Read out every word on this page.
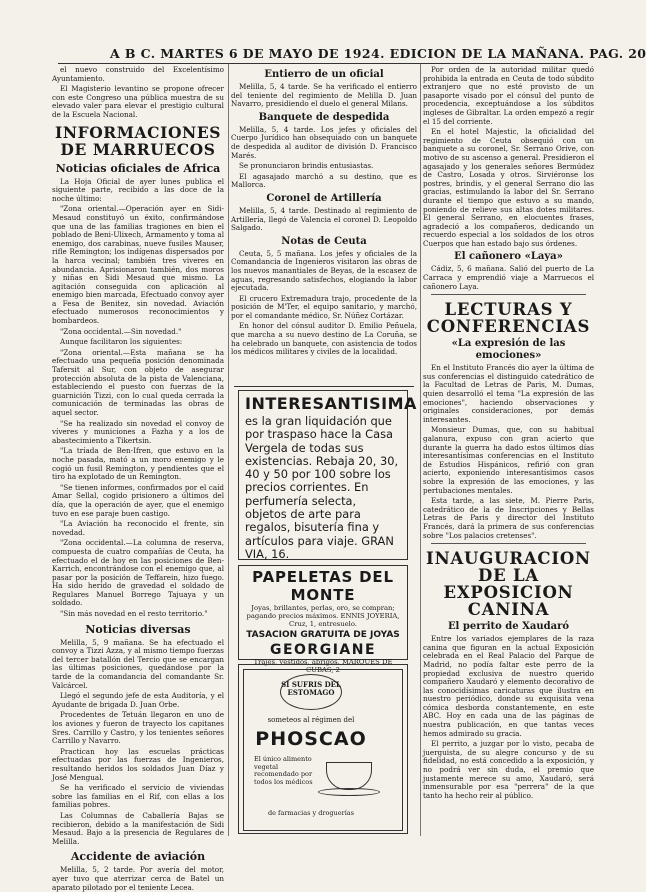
A B C. MARTES 6 DE MAYO DE 1924. EDICION DE LA MAÑANA. PAG. 20

el nuevo construido del Excelentísimo Ayuntamiento.

El Magisterio levantino se propone ofrecer con este Congreso una pública muestra de su elevado valer para elevar el prestigio cultural de la Escuela Nacional.

INFORMACIONES DE MARRUECOS
Noticias oficiales de Africa

La Hoja Oficial de ayer lunes publica el siguiente parte, recibido a las doce de la noche último:

"Zona oriental.—Operación ayer en Sidi-Mesaud constituyó un éxito, confirmándose que una de las familias tragiones en bien el poblado de Beni-Ulixech, Armamento y toma al enemigo, dos carabinas, nueve fusiles Mauser, rifle Remington; los indígenas dispersados por la harca vecinal; también tres viveres en abundancia. Aprisionaron también, dos moros y niñas en Sidi Mesaud que mismo. La agitación conseguida con aplicación al enemigo bien marcada, Efectuado convoy ayer a Fesa de Benitez, sin novedad. Aviación efectuado numerosos reconocimientos y bombardeos.

"Zona occidental.—Sin novedad."

Aunque facilitaron los siguientes:

"Zona oriental.—Esta mañana se ha efectuado una pequeña posición denominada Tafersit al Sur, con objeto de asegurar protección absoluta de la pista de Valenciana, estableciendo el puesto con fuerzas de la guarnición Tizzi, con lo cual queda cerrada la comunicación de terminadas las obras de aquel sector.

"Se ha realizado sin novedad el convoy de víveres y municiones a Fazha y a los de abastecimiento a Tikertsin.

"La tríada de Ben-Ifren, que estuvo en la noche pasada, mató a un moro enemigo y le cogió un fusil Remington, y pendientes que el tiro ha explotado de un Remington.

"Se tienen informes, confirmados por el caíd Amar Sellal, cogido prisionero a últimos del día, que la operación de ayer, que el enemigo tuvo en ese paraje buen castigo.

"La Aviación ha reconocido el frente, sin novedad.

"Zona occidental.—La columna de reserva, compuesta de cuatro compañías de Ceuta, ha efectuado el de hoy en las posiciones de Ben-Karrich, encontrándose con el enemigo que, al pasar por la posición de Teffarein, hizo fuego. Ha sido herido de gravedad el soldado de Regulares Manuel Borrego Tajuaya y un soldado.

"Sin más novedad en el resto territorio."

Noticias diversas

Melilla, 5, 9 mañana. Se ha efectuado el convoy a Tizzi Azza, y al mismo tiempo fuerzas del tercer batallón del Tercio que se encargan las últimas posiciones, quedándose por la tarde de la comandancia del comandante Sr. Valcárcel.

Llegó el segundo jefe de esta Auditoría, y el Ayudante de brigada D. Juan Orbe.

Procedentes de Tetuán llegaron en uno de los aviones y fueron de trayecto los capitanes Sres. Carrillo y Castro, y los tenientes señores Carrillo y Navarro.

Practican hoy las escuelas prácticas efectuadas por las fuerzas de Ingenieros, resultando heridos los soldados Juan Díaz y José Mengual.

Se ha verificado el servicio de viviendas sobre las familias en el Rif, con ellas a los familias pobres.

Las Columnas de Caballería Bajas se recibieron, debido a la manifestación de Sidi Mesaud. Bajo a la presencia de Regulares de Melilla.

Accidente de aviación

Melilla, 5, 2 tarde. Por avería del motor, ayer tuvo que aterrizar cerca de Batel un aparato pilotado por el teniente Lecea.

Entierro de un oficial

Melilla, 5, 4 tarde. Se ha verificado el entierro del teniente del regimiento de Melilla D. Juan Navarro, presidiendo el duelo el general Milans.

Banquete de despedida

Melilla, 5, 4 tarde. Los jefes y oficiales del Cuerpo Jurídico han obsequiado con un banquete de despedida al auditor de división D. Francisco Marés.

Se pronunciaron brindis entusiastas.

El agasajado marchó a su destino, que es Mallorca.

Coronel de Artillería

Melilla, 5, 4 tarde. Destinado al regimiento de Artillería, llegó de Valencia el coronel D. Leopoldo Salgado.

Notas de Ceuta

Ceuta, 5, 5 mañana. Los jefes y oficiales de la Comandancia de Ingenieros visitaron las obras de los nuevos manantiales de Beyas, de la escasez de aguas, regresando satisfechos, elogiando la labor ejecutada.

El crucero Extremadura trajo, procedente de la posición de M'Ter, el equipo sanitario, y marchó, por el comandante médico, Sr. Núñez Cortázar.

En honor del cónsul auditor D. Emilio Peñuela, que marcha a su nuevo destino de La Coruña, se ha celebrado un banquete, con asistencia de todos los médicos militares y civiles de la localidad.

INTERESANTISIMA
es la gran liquidación que por traspaso hace la Casa Vergela de todas sus existencias. Rebaja 20, 30, 40 y 50 por 100 sobre los precios corrientes. En perfumería selecta, objetos de arte para regalos, bisutería fina y artículos para viaje. GRAN VIA, 16.
PAPELETAS DEL MONTE
Joyas, brillantes, perlas, oro, se compran; pagando precios máximos. ENNIS JOYERIA, Cruz, 1, entresuelo.
TASACION GRATUITA DE JOYAS
GEORGIANE
Trajes, vestidos, abrigos. MARQUES DE CUBAS, 2
SI SUFRIS DEL ESTOMAGO
someteos al régimen del
PHOSCAO
El único alimento vegetal recomendado por todos los médicos
de farmacias y droguerías

Por orden de la autoridad militar quedó prohibida la entrada en Ceuta de todo súbdito extranjero que no esté provisto de un pasaporte visado por el cónsul del punto de procedencia, exceptuándose a los súbditos ingleses de Gibraltar. La orden empezó a regir el 15 del corriente.

En el hotel Majestic, la oficialidad del regimiento de Ceuta obsequió con un banquete a su coronel, Sr. Serrano Orive, con motivo de su ascenso a general. Presidieron el agasajado y los generales señores Bermúdez de Castro, Losada y otros. Sirviéronse los postres, brindis, y el general Serrano dio las gracias, estimulando la labor del Sr. Serrano durante el tiempo que estuvo a su mando, poniendo de relieve sus altas dotes militares. El general Serrano, en elocuentes frases, agradeció a los compañeros, dedicando un recuerdo especial a los soldados de los otros Cuerpos que han estado bajo sus órdenes.

El cañonero «Laya»

Cádiz, 5, 6 mañana. Salió del puerto de La Carraca y emprendió viaje a Marruecos el cañonero Laya.

LECTURAS Y CONFERENCIAS
«La expresión de las emociones»

En el Instituto Francés dio ayer la última de sus conferencias el distinguido catedrático de la Facultad de Letras de Paris, M. Dumas, quien desarrolló el tema "La expresión de las emociones", haciendo observaciones y originales consideraciones, por demás interesantes.

Monsieur Dumas, que, con su habitual galanura, expuso con gran acierto que durante la guerra ha dado estos últimos días interesantísimas conferencias en el Instituto de Estudios Hispánicos, refirió con gran acierto, exponiendo interesantísimos casos sobre la expresión de las emociones, y las pertubaciones mentales.

Esta tarde, a las siete, M. Pierre Paris, catedrático de la de Inscripciones y Bellas Letras de Paris y director del Instituto Francés, dará la primera de sus conferencias sobre "Los palacios cretenses".

INAUGURACION DE LA EXPOSICION CANINA
El perrito de Xaudaró

Entre los variados ejemplares de la raza canina que figuran en la actual Exposición celebrada en el Real Palacio del Parque de Madrid, no podía faltar este perro de la propiedad exclusiva de nuestro querido compañero Xaudaró y elemento decorativo de las conocidísimas caricaturas que ilustra en nuestro periódico, donde su exquisita vena cómica desborda constantemente, en este ABC. Hoy en cada una de las páginas de nuestra publicación, en que tantas veces hemos admirado su gracia.

El perrito, a juzgar por lo visto, pecaba de juerguista, de su alegre concurso y de su fidelidad, no está concedido a la exposición, y no podrá ver sin duda, el premio que justamente merece su amo, Xaudaró, será inmensurable por esa "perrera" de la que tanto ha hecho reir al público.
